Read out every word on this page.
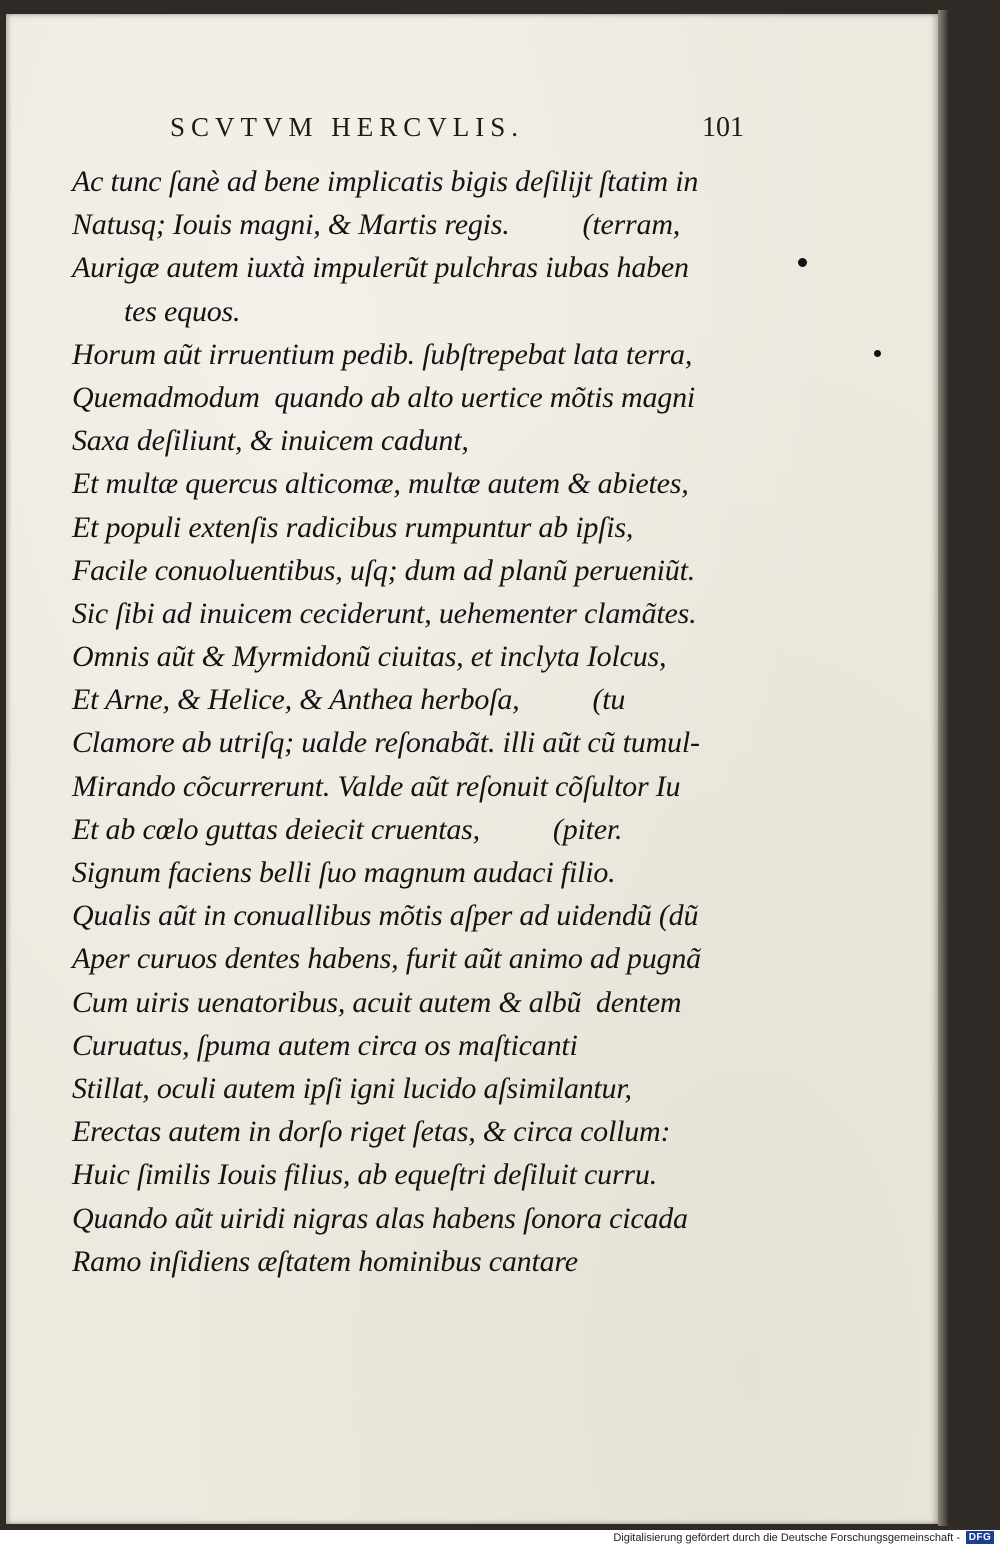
SCVTVM HERCVLIS.	101
Ac tunc ſanè ad bene implicatis bigis deſilijt ſtatim in
Natusq; Iouis magni, & Martis regis.          (terram,
Aurigæ autem iuxtà impulerũt pulchras iubas haben
tes equos.
Horum aũt irruentium pedib. ſubſtrepebat lata terra,
Quemadmodum  quando ab alto uertice mõtis magni
Saxa deſiliunt, & inuicem cadunt,
Et multæ quercus alticomæ, multæ autem & abietes,
Et populi extenſis radicibus rumpuntur ab ipſis,
Facile conuoluentibus, uſq; dum ad planũ perueniũt.
Sic ſibi ad inuicem ceciderunt, uehementer clamãtes.
Omnis aũt & Myrmidonũ ciuitas, et inclyta Iolcus,
Et Arne, & Helice, & Anthea herboſa,          (tu
Clamore ab utriſq; ualde reſonabãt. illi aũt cũ tumul-
Mirando cõcurrerunt. Valde aũt reſonuit cõſultor Iu
Et ab cœlo guttas deiecit cruentas,          (piter.
Signum faciens belli ſuo magnum audaci filio.
Qualis aũt in conuallibus mõtis aſper ad uidendũ (dũ
Aper curuos dentes habens, furit aũt animo ad pugnã
Cum uiris uenatoribus, acuit autem & albũ  dentem
Curuatus, ſpuma autem circa os maſticanti
Stillat, oculi autem ipſi igni lucido aſsimilantur,
Erectas autem in dorſo riget ſetas, & circa collum:
Huic ſimilis Iouis filius, ab equeſtri deſiluit curru.
Quando aũt uiridi nigras alas habens ſonora cicada
Ramo inſidiens æſtatem hominibus cantare
Digitalisierung gefördert durch die Deutsche Forschungsgemeinschaft - DFG
